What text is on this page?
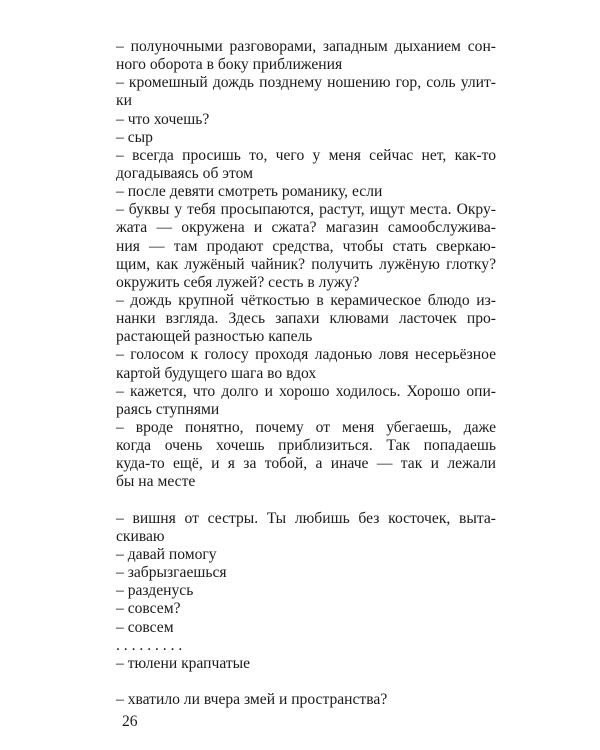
– полуночными разговорами, западным дыханием сон-
ного оборота в боку приближения
– кромешный дождь позднему ношению гор, соль улит-
ки
– что хочешь?
– сыр
– всегда просишь то, чего у меня сейчас нет, как-то
догадываясь об этом
– после девяти смотреть романику, если
– буквы у тебя просыпаются, растут, ищут места. Окру-
жата — окружена и сжата? магазин самообслужива-
ния — там продают средства, чтобы стать сверкаю-
щим, как лужёный чайник? получить лужёную глотку?
окружить себя лужей? сесть в лужу?
– дождь крупной чёткостью в керамическое блюдо из-
нанки взгляда. Здесь запахи клювами ласточек про-
растающей разностью капель
– голосом к голосу проходя ладонью ловя несерьёзное
картой будущего шага во вдох
– кажется, что долго и хорошо ходилось. Хорошо опи-
раясь ступнями
– вроде понятно, почему от меня убегаешь, даже
когда очень хочешь приблизиться. Так попадаешь
куда-то ещё, и я за тобой, а иначе — так и лежали
бы на месте
– вишня от сестры. Ты любишь без косточек, выта-
скиваю
– давай помогу
– забрызгаешься
– разденусь
– совсем?
– совсем
. . . . . . . . .
– тюлени крапчатые
– хватило ли вчера змей и пространства?
26
